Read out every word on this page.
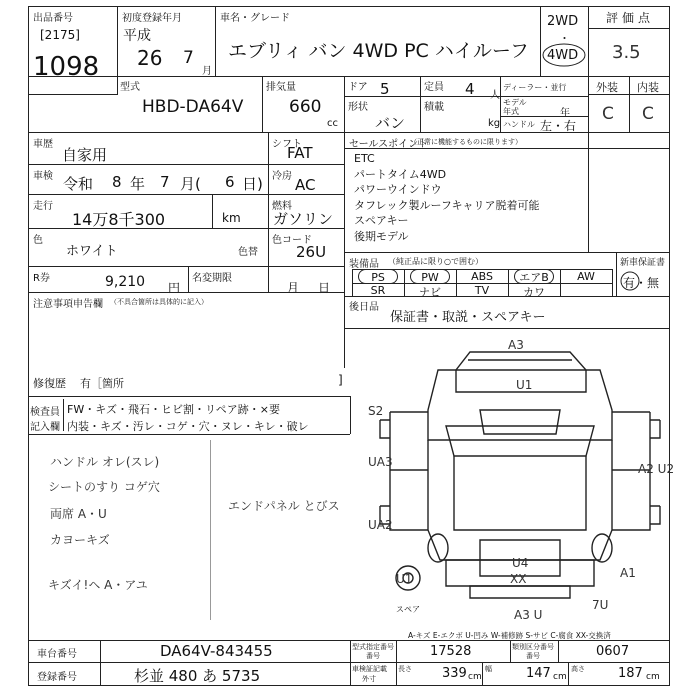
出品番号
[2175]
1098
初度登録年月
平成
26 7
月
車名・グレード
エブリィ バン 4WD PC ハイルーフ
2WD
・
4WD
評価点
3.5
型式
HBD-DA64V
排気量
660
cc
ドア 5	定員 4 人
ディーラー・並行
形状
バン
積載
kg
モデル
年式	年
ハンドル 左・右
外装 内装
C C
車歴
自家用
シフト
FAT
車検 令和 8 年 7 月( 6 日) 冷房 AC
走行
14万8千300	km
燃料
ガソリン
色
ホワイト	色替
色コード
26U
R券	9,210 円
名変期限
月 日
注意事項申告欄 （不具合箇所は具体的に記入）
修復歴 有［箇所	]
セールスポイント
（正常に機能するものに限ります）
ETC
パートタイム4WD
パワーウインドウ
タフレック製ルーフキャリア脱着可能
スペアキー
後期モデル
装備品 （純正品に限り○で囲む）	新車保証書
有・無
PS	PW	ABS	エアB	AW
SR	ナビ	TV	カワ
後日品
保証書・取説・スペアキー
検査員
記入欄
FW・キズ・飛石・ヒビ割・リペア跡・×要
内装・キズ・汚レ・コゲ・穴・ヌレ・キレ・破レ
ハンドル オレ(スレ)
シートのすり コゲ穴
両席 A・U
カヨーキズ
キズイ!ヘ A・アユ
エンドパネル とびス
A3
U1
S2
UA3
UA2
U4
XX
A3 U
A1
7U
A2 U2
U1
スペア
A-キズ E-エクボ U-凹み W-補修跡 S-サビ C-腐食 XX-交換済
車台番号	DA64V-843455
登録番号	杉並 480 あ 5735
型式指定番号
番号	17528	類別区分番号
番号	0607
車検証記載
外寸
長さ 339 cm
幅	147 cm
高さ	187 cm
